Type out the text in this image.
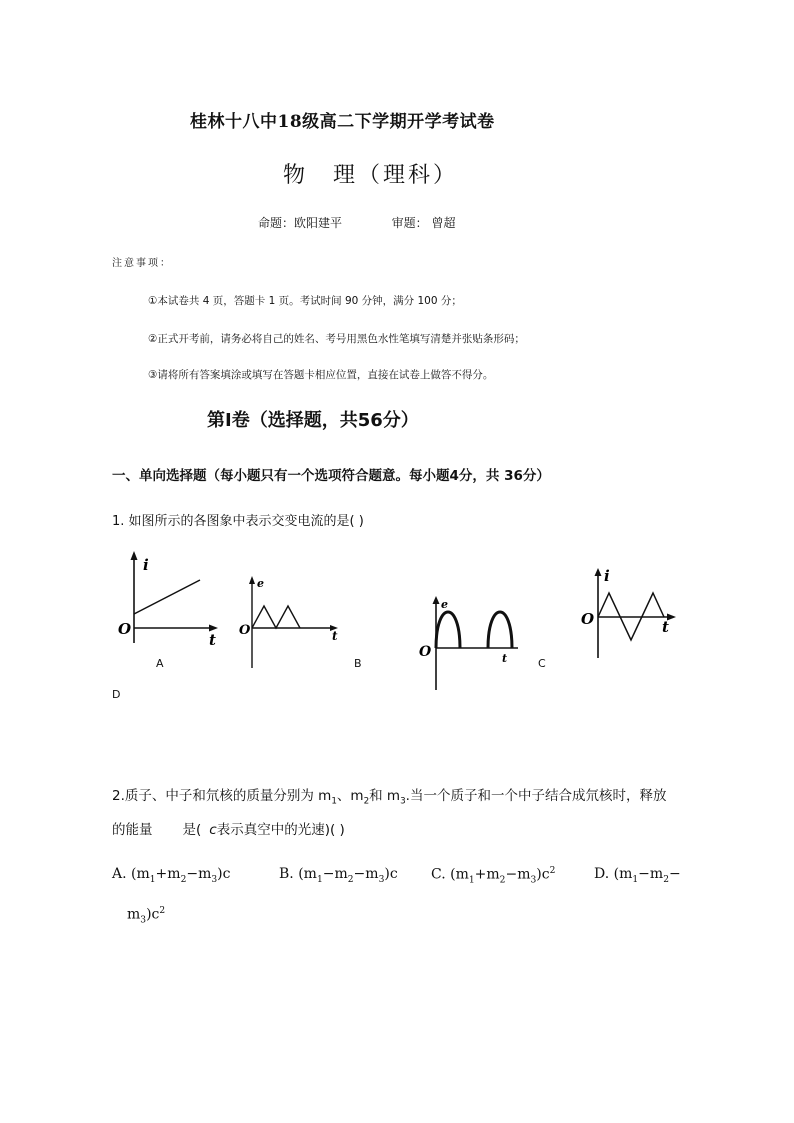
桂林十八中18级高二下学期开学考试卷
物　理（理科）
命题：欧阳建平	审题： 曾超
注意事项：
①本试卷共 4 页，答题卡 1 页。考试时间 90 分钟，满分 100 分；
②正式开考前，请务必将自己的姓名、考号用黑色水性笔填写清楚并张贴条形码；
③请将所有答案填涂或填写在答题卡相应位置，直接在试卷上做答不得分。
第I卷（选择题，共56分）
一、单向选择题（每小题只有一个选项符合题意。每小题4分，共 36分）
1. 如图所示的各图象中表示交变电流的是( )
i
t
O
A
e
t
O
B
e
t
O
C
i
t
O
D
2.质子、中子和氘核的质量分别为 $m_1$、$m_2$和 $m_3$.当一个质子和一个中子结合成氘核时，释放
的能量 是( c表示真空中的光速)( )
A. $(m_1+m_2-m_3)c$	B. $(m_1-m_2-m_3)c$ C. $(m_1+m_2-m_3)c^2$	D. ($m_1-m_2-$
$m_3)c^2$
